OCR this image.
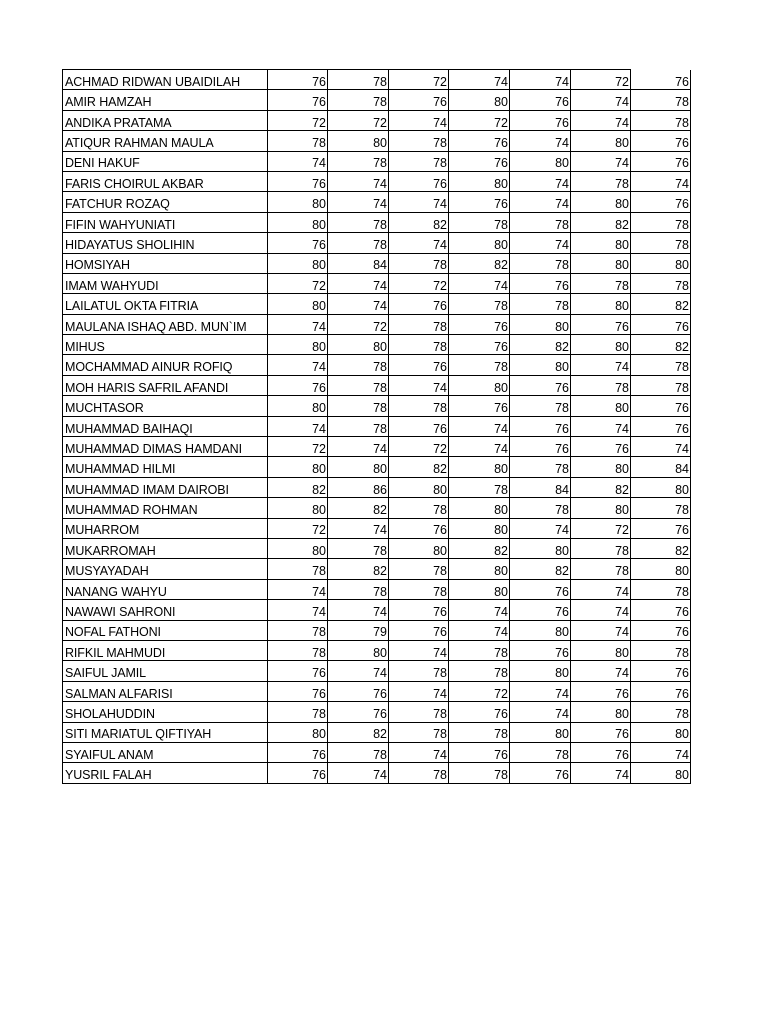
ACHMAD RIDWAN UBAIDILAH	76	78	72	74	74	72	76
AMIR HAMZAH	76	78	76	80	76	74	78
ANDIKA PRATAMA	72	72	74	72	76	74	78
ATIQUR RAHMAN MAULA	78	80	78	76	74	80	76
DENI HAKUF	74	78	78	76	80	74	76
FARIS CHOIRUL AKBAR	76	74	76	80	74	78	74
FATCHUR ROZAQ	80	74	74	76	74	80	76
FIFIN WAHYUNIATI	80	78	82	78	78	82	78
HIDAYATUS SHOLIHIN	76	78	74	80	74	80	78
HOMSIYAH	80	84	78	82	78	80	80
IMAM WAHYUDI	72	74	72	74	76	78	78
LAILATUL OKTA FITRIA	80	74	76	78	78	80	82
MAULANA ISHAQ ABD. MUN`IM	74	72	78	76	80	76	76
MIHUS	80	80	78	76	82	80	82
MOCHAMMAD AINUR ROFIQ	74	78	76	78	80	74	78
MOH HARIS SAFRIL AFANDI	76	78	74	80	76	78	78
MUCHTASOR	80	78	78	76	78	80	76
MUHAMMAD BAIHAQI	74	78	76	74	76	74	76
MUHAMMAD DIMAS HAMDANI	72	74	72	74	76	76	74
MUHAMMAD HILMI	80	80	82	80	78	80	84
MUHAMMAD IMAM DAIROBI	82	86	80	78	84	82	80
MUHAMMAD ROHMAN	80	82	78	80	78	80	78
MUHARROM	72	74	76	80	74	72	76
MUKARROMAH	80	78	80	82	80	78	82
MUSYAYADAH	78	82	78	80	82	78	80
NANANG WAHYU	74	78	78	80	76	74	78
NAWAWI SAHRONI	74	74	76	74	76	74	76
NOFAL FATHONI	78	79	76	74	80	74	76
RIFKIL MAHMUDI	78	80	74	78	76	80	78
SAIFUL JAMIL	76	74	78	78	80	74	76
SALMAN ALFARISI	76	76	74	72	74	76	76
SHOLAHUDDIN	78	76	78	76	74	80	78
SITI MARIATUL QIFTIYAH	80	82	78	78	80	76	80
SYAIFUL ANAM	76	78	74	76	78	76	74
YUSRIL FALAH	76	74	78	78	76	74	80
